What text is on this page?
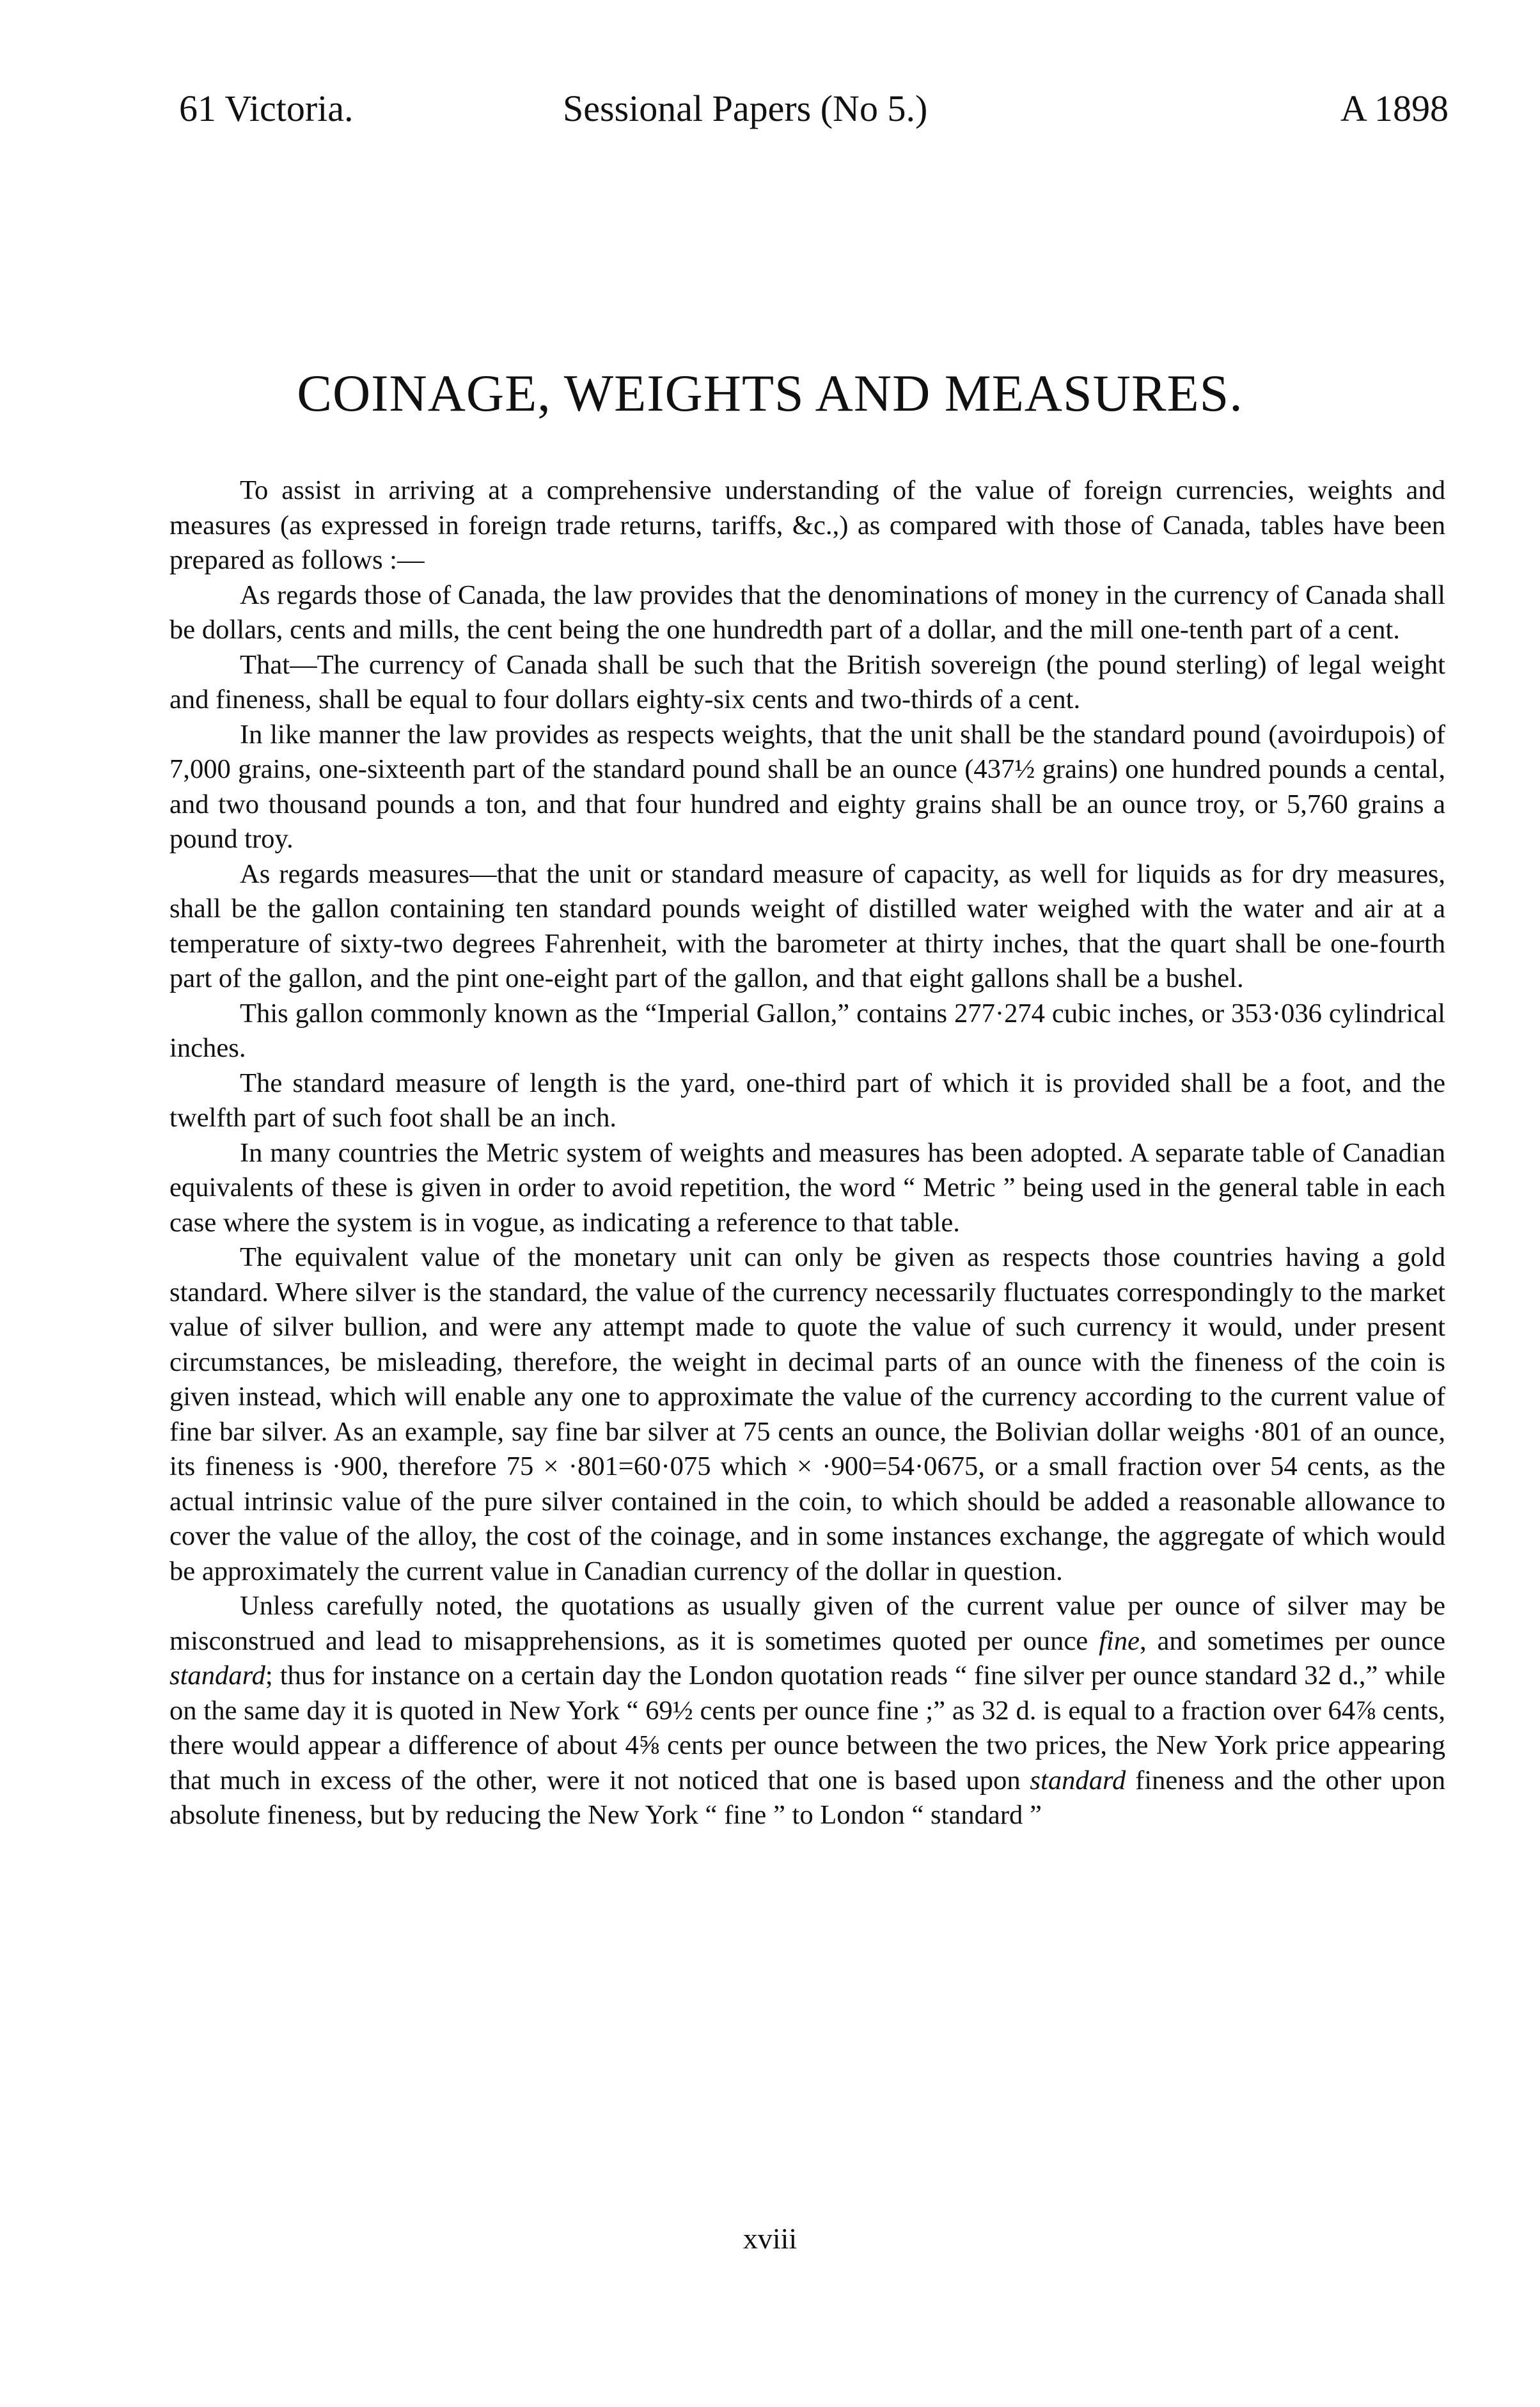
61 Victoria.	Sessional Papers (No 5.)	A 1898
COINAGE, WEIGHTS AND MEASURES.

To assist in arriving at a comprehensive understanding of the value of foreign currencies, weights and measures (as expressed in foreign trade returns, tariffs, &c.,) as compared with those of Canada, tables have been prepared as follows :—

As regards those of Canada, the law provides that the denominations of money in the currency of Canada shall be dollars, cents and mills, the cent being the one hundredth part of a dollar, and the mill one-tenth part of a cent.

That—The currency of Canada shall be such that the British sovereign (the pound sterling) of legal weight and fineness, shall be equal to four dollars eighty-six cents and two-thirds of a cent.

In like manner the law provides as respects weights, that the unit shall be the standard pound (avoirdupois) of 7,000 grains, one-sixteenth part of the standard pound shall be an ounce (437½ grains) one hundred pounds a cental, and two thousand pounds a ton, and that four hundred and eighty grains shall be an ounce troy, or 5,760 grains a pound troy.

As regards measures—that the unit or standard measure of capacity, as well for liquids as for dry measures, shall be the gallon containing ten standard pounds weight of distilled water weighed with the water and air at a temperature of sixty-two degrees Fahrenheit, with the barometer at thirty inches, that the quart shall be one-fourth part of the gallon, and the pint one-eight part of the gallon, and that eight gallons shall be a bushel.

This gallon commonly known as the “Imperial Gallon,” contains 277·274 cubic inches, or 353·036 cylindrical inches.

The standard measure of length is the yard, one-third part of which it is provided shall be a foot, and the twelfth part of such foot shall be an inch.

In many countries the Metric system of weights and measures has been adopted. A separate table of Canadian equivalents of these is given in order to avoid repetition, the word “ Metric ” being used in the general table in each case where the system is in vogue, as indicating a reference to that table.

The equivalent value of the monetary unit can only be given as respects those countries having a gold standard. Where silver is the standard, the value of the currency necessarily fluctuates correspondingly to the market value of silver bullion, and were any attempt made to quote the value of such currency it would, under present circumstances, be misleading, therefore, the weight in decimal parts of an ounce with the fineness of the coin is given instead, which will enable any one to approximate the value of the currency according to the current value of fine bar silver. As an example, say fine bar silver at 75 cents an ounce, the Bolivian dollar weighs ·801 of an ounce, its fineness is ·900, therefore 75 × ·801=60·075 which × ·900=54·0675, or a small fraction over 54 cents, as the actual intrinsic value of the pure silver contained in the coin, to which should be added a reasonable allowance to cover the value of the alloy, the cost of the coinage, and in some instances exchange, the aggregate of which would be approximately the current value in Canadian currency of the dollar in question.

Unless carefully noted, the quotations as usually given of the current value per ounce of silver may be misconstrued and lead to misapprehensions, as it is sometimes quoted per ounce fine, and sometimes per ounce standard; thus for instance on a certain day the London quotation reads “ fine silver per ounce standard 32 d.,” while on the same day it is quoted in New York “ 69½ cents per ounce fine ;” as 32 d. is equal to a fraction over 64⅞ cents, there would appear a difference of about 4⅝ cents per ounce between the two prices, the New York price appearing that much in excess of the other, were it not noticed that one is based upon standard fineness and the other upon absolute fineness, but by reducing the New York “ fine ” to London “ standard ”

xviii
